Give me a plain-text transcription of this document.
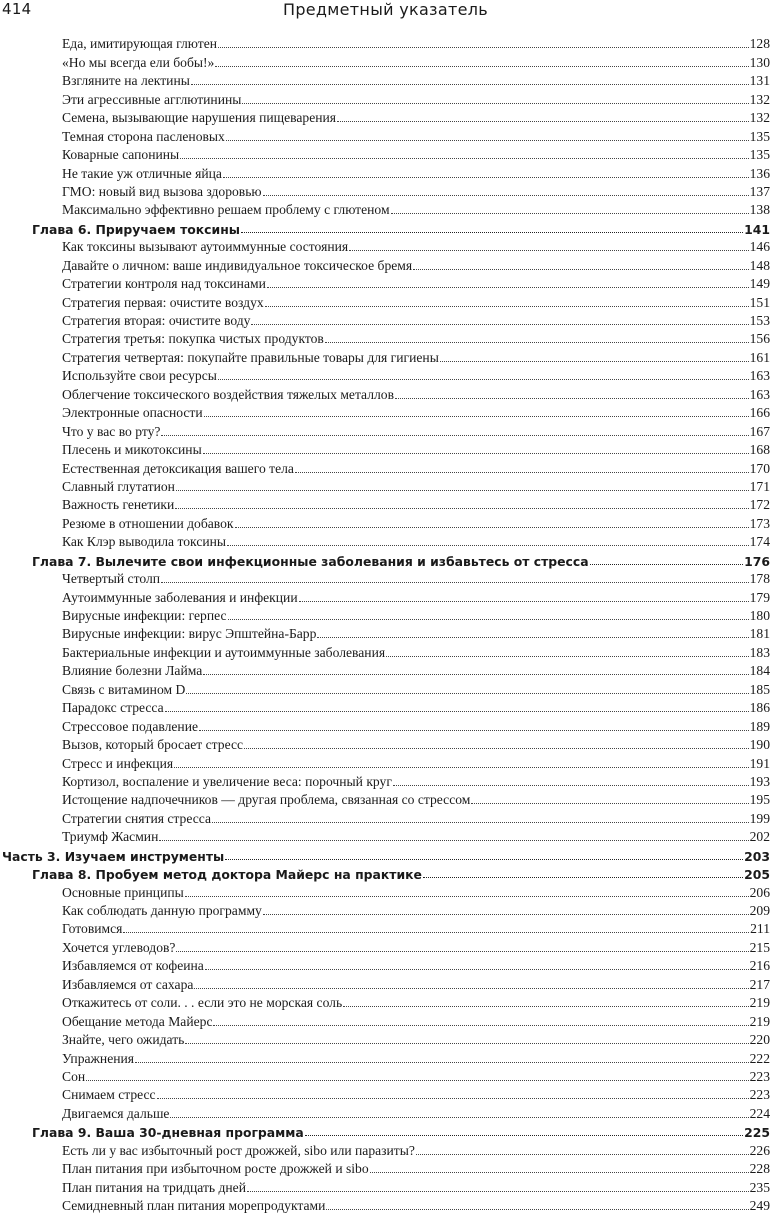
414	Предметный указатель
Еда, имитирующая глютен	128
«Но мы всегда ели бобы!»	130
Взгляните на лектины	131
Эти агрессивные агглютинины	132
Семена, вызывающие нарушения пищеварения	132
Темная сторона пасленовых	135
Коварные сапонины	135
Не такие уж отличные яйца	136
ГМО: новый вид вызова здоровью	137
Максимально эффективно решаем проблему с глютеном	138
Глава 6. Приручаем токсины	141
Как токсины вызывают аутоиммунные состояния	146
Давайте о личном: ваше индивидуальное токсическое бремя	148
Стратегии контроля над токсинами	149
Стратегия первая: очистите воздух	151
Стратегия вторая: очистите воду	153
Стратегия третья: покупка чистых продуктов	156
Стратегия четвертая: покупайте правильные товары для гигиены	161
Используйте свои ресурсы	163
Облегчение токсического воздействия тяжелых металлов	163
Электронные опасности	166
Что у вас во рту?	167
Плесень и микотоксины	168
Естественная детоксикация вашего тела	170
Славный глутатион	171
Важность генетики	172
Резюме в отношении добавок	173
Как Клэр выводила токсины	174
Глава 7. Вылечите свои инфекционные заболевания и избавьтесь от стресса	176
Четвертый столп	178
Аутоиммунные заболевания и инфекции	179
Вирусные инфекции: герпес	180
Вирусные инфекции: вирус Эпштейна-Барр	181
Бактериальные инфекции и аутоиммунные заболевания	183
Влияние болезни Лайма	184
Связь с витамином D	185
Парадокс стресса	186
Стрессовое подавление	189
Вызов, который бросает стресс	190
Стресс и инфекция	191
Кортизол, воспаление и увеличение веса: порочный круг	193
Истощение надпочечников — другая проблема, связанная со стрессом	195
Стратегии снятия стресса	199
Триумф Жасмин	202
Часть 3. Изучаем инструменты	203
Глава 8. Пробуем метод доктора Майерс на практике	205
Основные принципы	206
Как соблюдать данную программу	209
Готовимся	211
Хочется углеводов?	215
Избавляемся от кофеина	216
Избавляемся от сахара	217
Откажитесь от соли. . . если это не морская соль	219
Обещание метода Майерс	219
Знайте, чего ожидать	220
Упражнения	222
Сон	223
Снимаем стресс	223
Двигаемся дальше	224
Глава 9. Ваша 30-дневная программа	225
Есть ли у вас избыточный рост дрожжей, sibo или паразиты?	226
План питания при избыточном росте дрожжей и sibo	228
План питания на тридцать дней	235
Семидневный план питания морепродуктами	249
